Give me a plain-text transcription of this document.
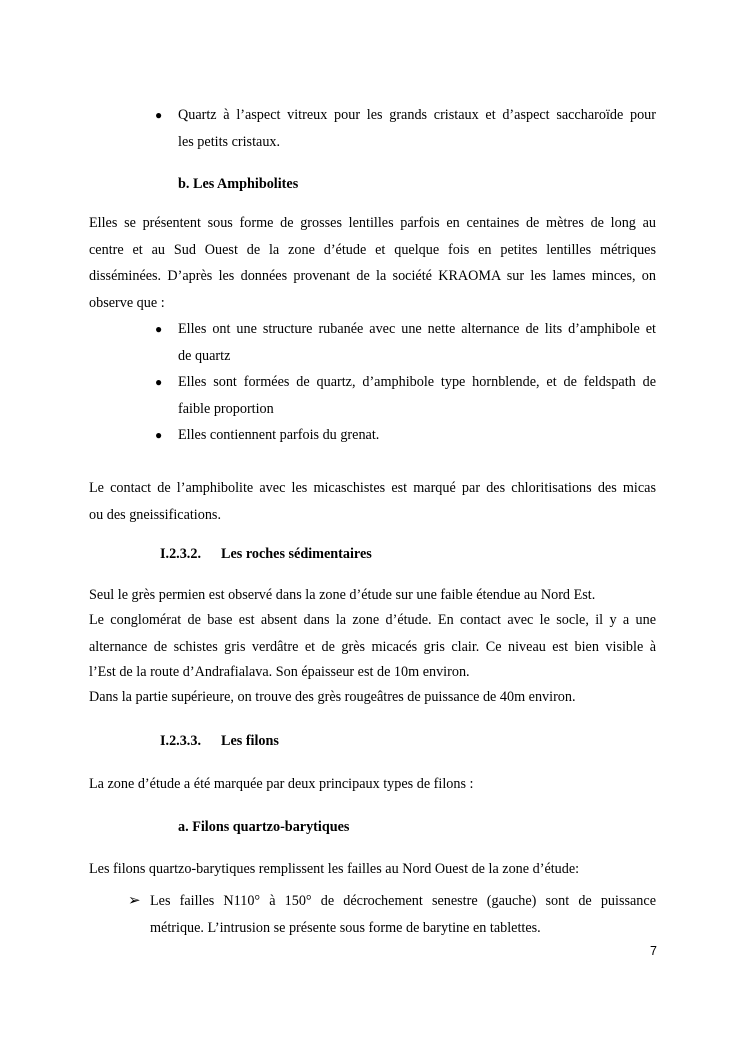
● Quartz à l’aspect vitreux pour les grands cristaux et d’aspect saccharoïde pour
les petits cristaux.
b. Les Amphibolites
Elles se présentent sous forme de grosses lentilles parfois en centaines de mètres de long au
centre et au Sud Ouest de la zone d’étude et quelque fois en petites lentilles métriques
disséminées. D’après les données provenant de la société KRAOMA sur les lames minces, on
observe que :
● Elles ont une structure rubanée avec une nette alternance de lits d’amphibole et
de quartz
● Elles sont formées de quartz, d’amphibole type hornblende, et de feldspath de
faible proportion
● Elles contiennent parfois du grenat.
Le contact de l’amphibolite avec les micaschistes est marqué par des chloritisations des micas
ou des gneissifications.
I.2.3.2. Les roches sédimentaires
Seul le grès permien est observé dans la zone d’étude sur une faible étendue au Nord Est.
Le conglomérat de base est absent dans la zone d’étude. En contact avec le socle, il y a une
alternance de schistes gris verdâtre et de grès micacés gris clair. Ce niveau est bien visible à
l’Est de la route d’Andrafialava. Son épaisseur est de 10m environ.
Dans la partie supérieure, on trouve des grès rougeâtres de puissance de 40m environ.
I.2.3.3. Les filons
La zone d’étude a été marquée par deux principaux types de filons :
a. Filons quartzo-barytiques
Les filons quartzo-barytiques remplissent les failles au Nord Ouest de la zone d’étude:
➢ Les failles N110° à 150° de décrochement senestre (gauche) sont de puissance
métrique. L’intrusion se présente sous forme de barytine en tablettes.
7
